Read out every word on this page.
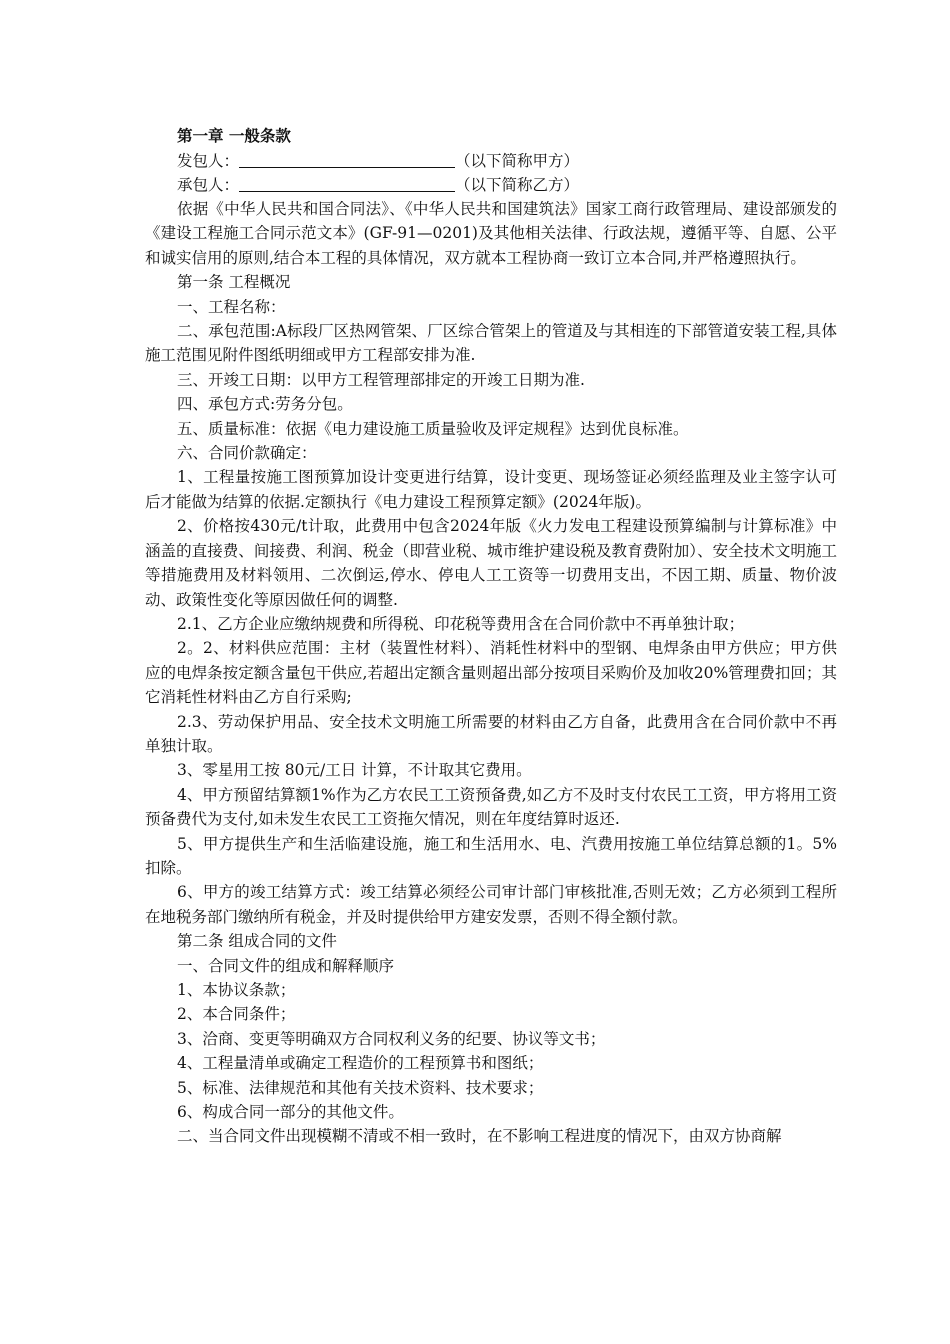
第一章 一般条款
发包人：	（以下简称甲方）
承包人：	（以下简称乙方）

依据《中华人民共和国合同法》、《中华人民共和国建筑法》国家工商行政管理局、建设部颁发的《建设工程施工合同示范文本》(GF-91—0201)及其他相关法律、行政法规，遵循平等、自愿、公平和诚实信用的原则,结合本工程的具体情况，双方就本工程协商一致订立本合同,并严格遵照执行。

第一条 工程概况

一、工程名称：

二、承包范围:A标段厂区热网管架、厂区综合管架上的管道及与其相连的下部管道安装工程,具体施工范围见附件图纸明细或甲方工程部安排为准.

三、开竣工日期：以甲方工程管理部排定的开竣工日期为准.

四、承包方式:劳务分包。

五、质量标准：依据《电力建设施工质量验收及评定规程》达到优良标准。

六、合同价款确定：

1、工程量按施工图预算加设计变更进行结算，设计变更、现场签证必须经监理及业主签字认可后才能做为结算的依据.定额执行《电力建设工程预算定额》(2024年版)。

2、价格按430元/t计取，此费用中包含2024年版《火力发电工程建设预算编制与计算标准》中涵盖的直接费、间接费、利润、税金（即营业税、城市维护建设税及教育费附加）、安全技术文明施工等措施费用及材料领用、二次倒运,停水、停电人工工资等一切费用支出，不因工期、质量、物价波动、政策性变化等原因做任何的调整.

2.1、乙方企业应缴纳规费和所得税、印花税等费用含在合同价款中不再单独计取；

2。2、材料供应范围：主材（装置性材料）、消耗性材料中的型钢、电焊条由甲方供应；甲方供应的电焊条按定额含量包干供应,若超出定额含量则超出部分按项目采购价及加收20%管理费扣回；其它消耗性材料由乙方自行采购;

2.3、劳动保护用品、安全技术文明施工所需要的材料由乙方自备，此费用含在合同价款中不再单独计取。

3、零星用工按 80元/工日 计算，不计取其它费用。

4、甲方预留结算额1%作为乙方农民工工资预备费,如乙方不及时支付农民工工资，甲方将用工资预备费代为支付,如未发生农民工工资拖欠情况，则在年度结算时返还.

5、甲方提供生产和生活临建设施，施工和生活用水、电、汽费用按施工单位结算总额的1。5%扣除。

6、甲方的竣工结算方式：竣工结算必须经公司审计部门审核批准,否则无效；乙方必须到工程所在地税务部门缴纳所有税金，并及时提供给甲方建安发票，否则不得全额付款。

第二条 组成合同的文件

一、合同文件的组成和解释顺序

1、本协议条款；

2、本合同条件；

3、洽商、变更等明确双方合同权利义务的纪要、协议等文书；

4、工程量清单或确定工程造价的工程预算书和图纸；

5、标准、法律规范和其他有关技术资料、技术要求；

6、构成合同一部分的其他文件。

二、当合同文件出现模糊不清或不相一致时，在不影响工程进度的情况下，由双方协商解
